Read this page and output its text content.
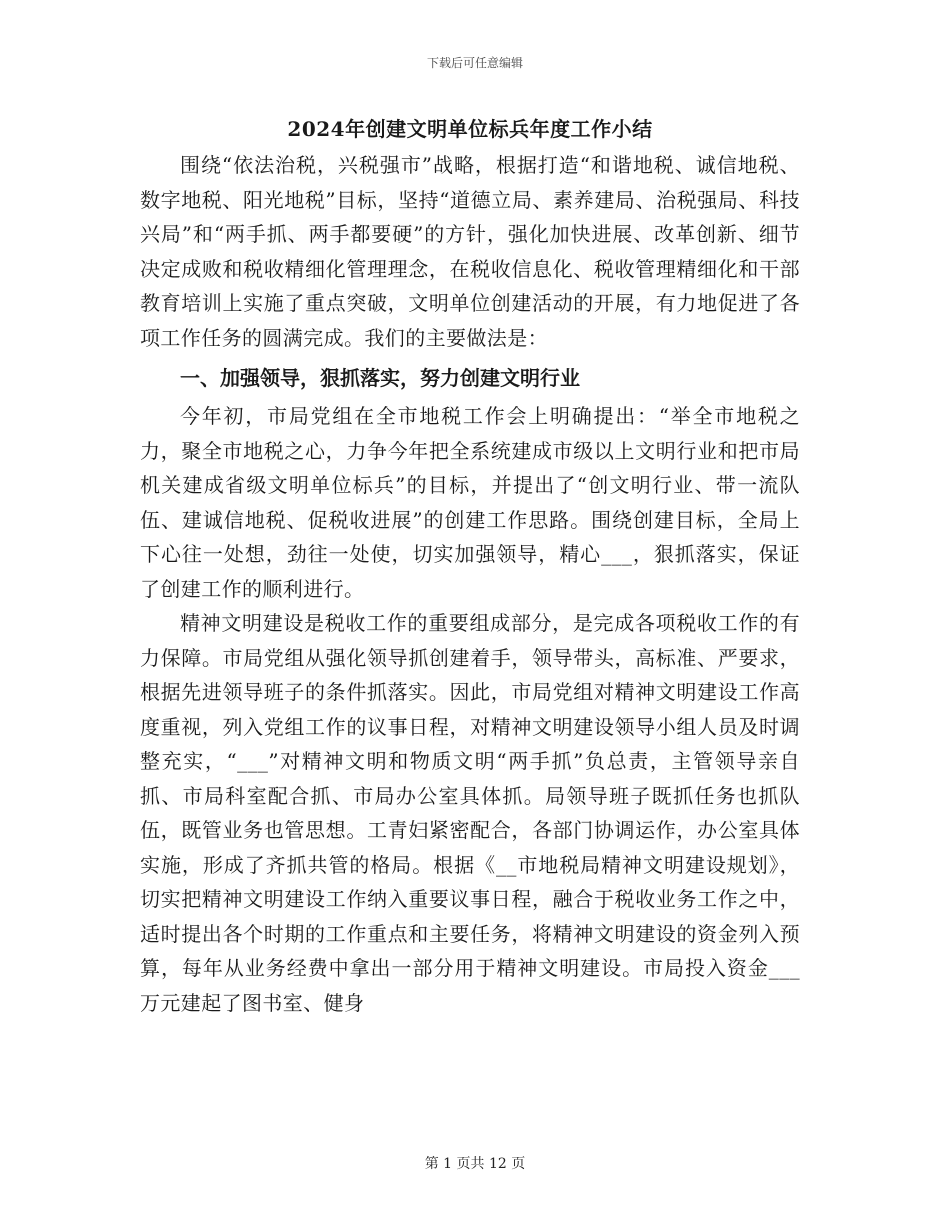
下载后可任意编辑
2024年创建文明单位标兵年度工作小结

围绕“依法治税，兴税强市”战略，根据打造“和谐地税、诚信地税、数字地税、阳光地税”目标，坚持“道德立局、素养建局、治税强局、科技兴局”和“两手抓、两手都要硬”的方针，强化加快进展、改革创新、细节决定成败和税收精细化管理理念，在税收信息化、税收管理精细化和干部教育培训上实施了重点突破，文明单位创建活动的开展，有力地促进了各项工作任务的圆满完成。我们的主要做法是：

一、加强领导，狠抓落实，努力创建文明行业

今年初，市局党组在全市地税工作会上明确提出：“举全市地税之力，聚全市地税之心，力争今年把全系统建成市级以上文明行业和把市局机关建成省级文明单位标兵”的目标，并提出了“创文明行业、带一流队伍、建诚信地税、促税收进展”的创建工作思路。围绕创建目标，全局上下心往一处想，劲往一处使，切实加强领导，精心___，狠抓落实，保证了创建工作的顺利进行。

精神文明建设是税收工作的重要组成部分，是完成各项税收工作的有力保障。市局党组从强化领导抓创建着手，领导带头，高标准、严要求，根据先进领导班子的条件抓落实。因此，市局党组对精神文明建设工作高度重视，列入党组工作的议事日程，对精神文明建设领导小组人员及时调整充实，“___”对精神文明和物质文明“两手抓”负总责，主管领导亲自抓、市局科室配合抓、市局办公室具体抓。局领导班子既抓任务也抓队伍，既管业务也管思想。工青妇紧密配合，各部门协调运作，办公室具体实施，形成了齐抓共管的格局。根据《__市地税局精神文明建设规划》，切实把精神文明建设工作纳入重要议事日程，融合于税收业务工作之中，适时提出各个时期的工作重点和主要任务，将精神文明建设的资金列入预算，每年从业务经费中拿出一部分用于精神文明建设。市局投入资金___万元建起了图书室、健身

第 1 页共 12 页
